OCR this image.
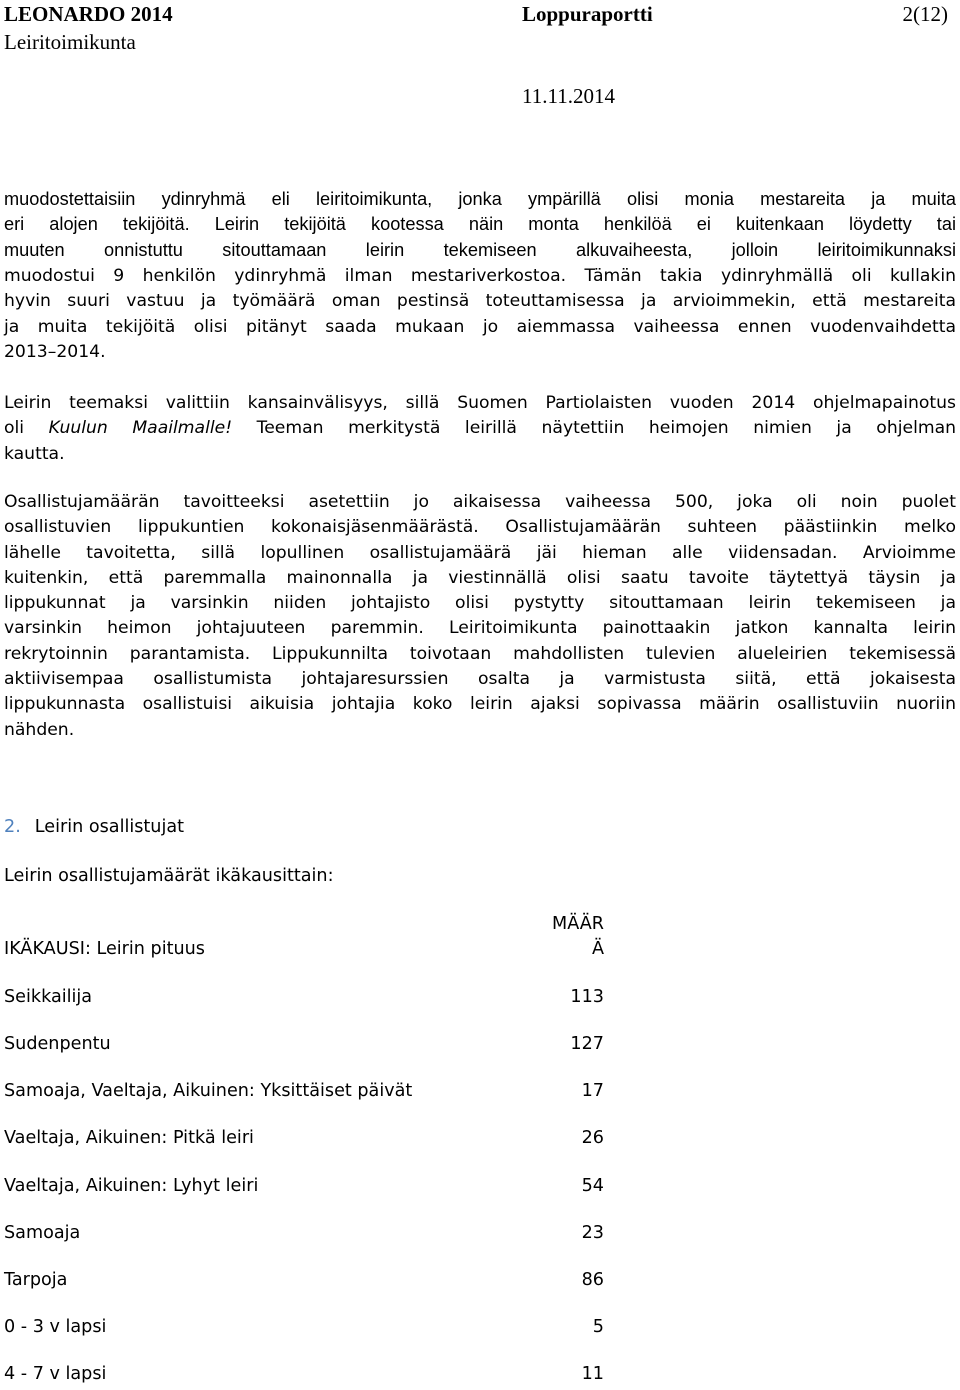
LEONARDO 2014	Loppuraportti	2(12)
Leiritoimikunta
11.11.2014
muodostettaisiin ydinryhmä eli leiritoimikunta, jonka ympärillä olisi monia mestareita ja muita
eri alojen tekijöitä. Leirin tekijöitä kootessa näin monta henkilöä ei kuitenkaan löydetty tai
muuten onnistuttu sitouttamaan leirin tekemiseen alkuvaiheesta, jolloin leiritoimikunnaksi
muodostui 9 henkilön ydinryhmä ilman mestariverkostoa. Tämän takia ydinryhmällä oli kullakin
hyvin suuri vastuu ja työmäärä oman pestinsä toteuttamisessa ja arvioimmekin, että mestareita
ja muita tekijöitä olisi pitänyt saada mukaan jo aiemmassa vaiheessa ennen vuodenvaihdetta
2013–2014.
Leirin teemaksi valittiin kansainvälisyys, sillä Suomen Partiolaisten vuoden 2014 ohjelmapainotus
oli Kuulun Maailmalle! Teeman merkitystä leirillä näytettiin heimojen nimien ja ohjelman
kautta.
Osallistujamäärän tavoitteeksi asetettiin jo aikaisessa vaiheessa 500, joka oli noin puolet
osallistuvien lippukuntien kokonaisjäsenmäärästä. Osallistujamäärän suhteen päästiinkin melko
lähelle tavoitetta, sillä lopullinen osallistujamäärä jäi hieman alle viidensadan. Arvioimme
kuitenkin, että paremmalla mainonnalla ja viestinnällä olisi saatu tavoite täytettyä täysin ja
lippukunnat ja varsinkin niiden johtajisto olisi pystytty sitouttamaan leirin tekemiseen ja
varsinkin heimon johtajuuteen paremmin. Leiritoimikunta painottaakin jatkon kannalta leirin
rekrytoinnin parantamista. Lippukunnilta toivotaan mahdollisten tulevien alueleirien tekemisessä
aktiivisempaa osallistumista johtajaresurssien osalta ja varmistusta siitä, että jokaisesta
lippukunnasta osallistuisi aikuisia johtajia koko leirin ajaksi sopivassa määrin osallistuviin nuoriin
nähden.
2. Leirin osallistujat
Leirin osallistujamäärät ikäkausittain:
MÄÄR
IKÄKAUSI: Leirin pituus	Ä
Seikkailija	113
Sudenpentu	127
Samoaja, Vaeltaja, Aikuinen: Yksittäiset päivät	17
Vaeltaja, Aikuinen: Pitkä leiri	26
Vaeltaja, Aikuinen: Lyhyt leiri	54
Samoaja	23
Tarpoja	86
0 - 3 v lapsi	5
4 - 7 v lapsi	11
